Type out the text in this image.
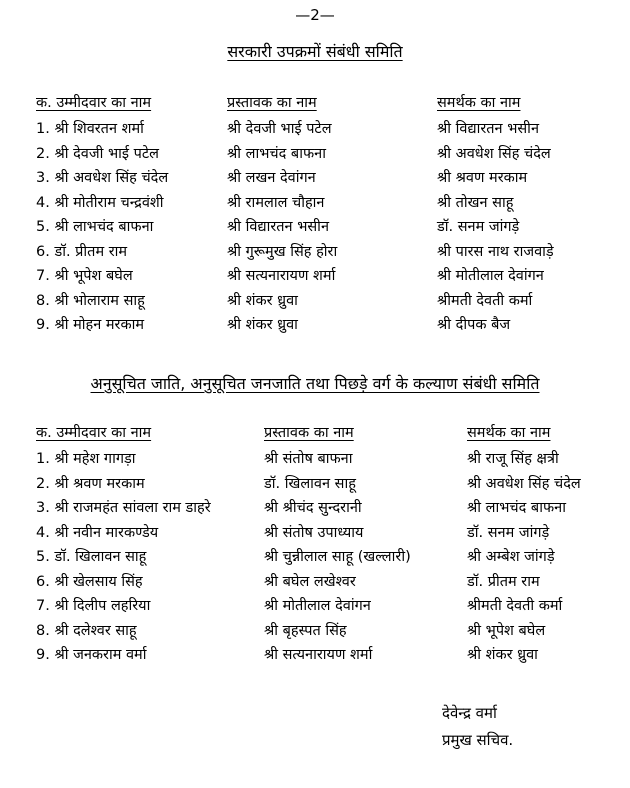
—2—
सरकारी उपक्रमों संबंधी समिति
क. उम्मीदवार का नाम	प्रस्तावक का नाम	समर्थक का नाम
1. श्री शिवरतन शर्मा	श्री देवजी भाई पटेल	श्री विद्यारतन भसीन
2. श्री देवजी भाई पटेल	श्री लाभचंद बाफना	श्री अवधेश सिंह चंदेल
3. श्री अवधेश सिंह चंदेल	श्री लखन देवांगन	श्री श्रवण मरकाम
4. श्री मोतीराम चन्द्रवंशी	श्री रामलाल चौहान	श्री तोखन साहू
5. श्री लाभचंद बाफना	श्री विद्यारतन भसीन	डॉ. सनम जांगड़े
6. डॉ. प्रीतम राम	श्री गुरूमुख सिंह होरा	श्री पारस नाथ राजवाड़े
7. श्री भूपेश बघेल	श्री सत्यनारायण शर्मा	श्री मोतीलाल देवांगन
8. श्री भोलाराम साहू	श्री शंकर ध्रुवा	श्रीमती देवती कर्मा
9. श्री मोहन मरकाम	श्री शंकर ध्रुवा	श्री दीपक बैज
अनुसूचित जाति, अनुसूचित जनजाति तथा पिछड़े वर्ग के कल्याण संबंधी समिति
क. उम्मीदवार का नाम	प्रस्तावक का नाम	समर्थक का नाम
1. श्री महेश गागड़ा	श्री संतोष बाफना	श्री राजू सिंह क्षत्री
2. श्री श्रवण मरकाम	डॉ. खिलावन साहू	श्री अवधेश सिंह चंदेल
3. श्री राजमहंत सांवला राम डाहरे	श्री श्रीचंद सुन्दरानी	श्री लाभचंद बाफना
4. श्री नवीन मारकण्डेय	श्री संतोष उपाध्याय	डॉ. सनम जांगड़े
5. डॉ. खिलावन साहू	श्री चुन्नीलाल साहू (खल्लारी)	श्री अम्बेश जांगड़े
6. श्री खेलसाय सिंह	श्री बघेल लखेश्वर	डॉ. प्रीतम राम
7. श्री दिलीप लहरिया	श्री मोतीलाल देवांगन	श्रीमती देवती कर्मा
8. श्री दलेश्वर साहू	श्री बृहस्पत सिंह	श्री भूपेश बघेल
9. श्री जनकराम वर्मा	श्री सत्यनारायण शर्मा	श्री शंकर ध्रुवा
देवेन्द्र वर्मा
प्रमुख सचिव.
